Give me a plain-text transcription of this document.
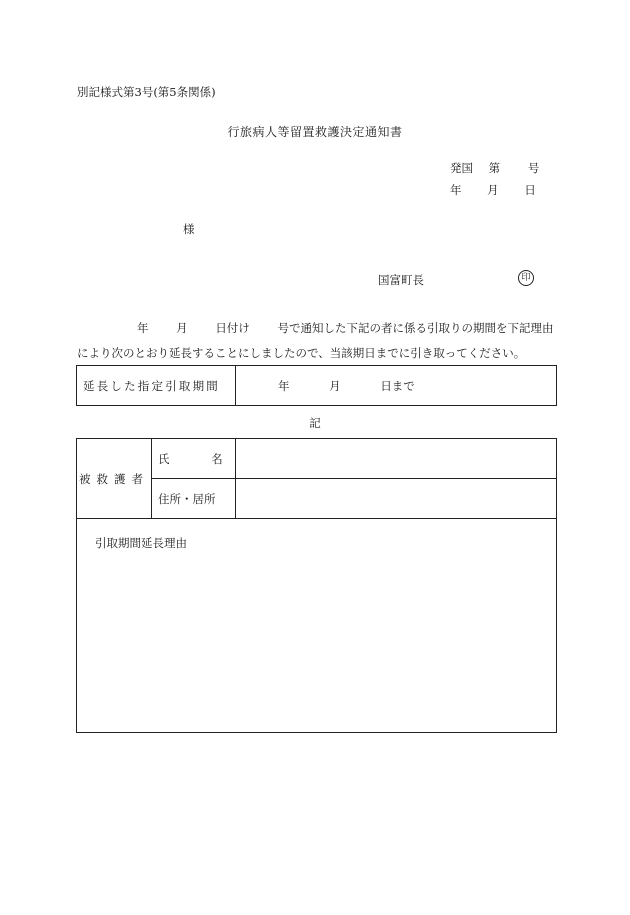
別記様式第3号(第5条関係)
行旅病人等留置救護決定通知書
発国 第 号
年 月 日
様
国富町長	印
年 月 日付け 号で通知した下記の者に係る引取りの期間を下記理由
により次のとおり延長することにしましたので、当該期日までに引き取ってください。
延長した指定引取期間	年	月	日まで
記
被救護者	氏 名	
	住所・居所	
引取期間延長理由		
